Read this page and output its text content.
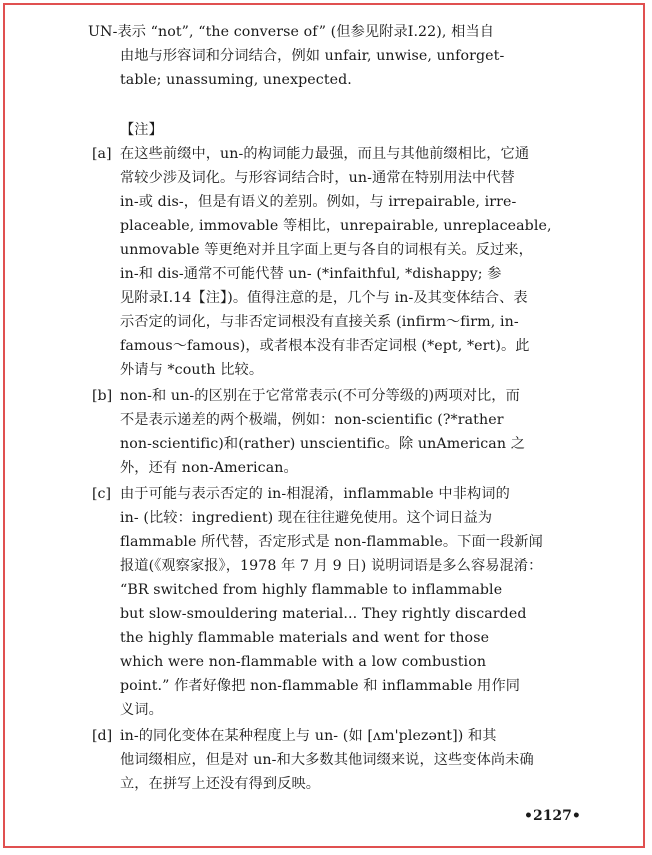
UN-表示 “not”, “the converse of” (但参见附录Ⅰ.22), 相当自
由地与形容词和分词结合，例如 unfair, unwise, unforget-
table; unassuming, unexpected.
【注】
[a] 在这些前缀中，un-的构词能力最强，而且与其他前缀相比，它通
常较少涉及词化。与形容词结合时，un-通常在特别用法中代替
in-或 dis-，但是有语义的差别。例如，与 irrepairable, irre-
placeable, immovable 等相比，unrepairable, unreplaceable,
unmovable 等更绝对并且字面上更与各自的词根有关。反过来，
in-和 dis-通常不可能代替 un- (*infaithful, *dishappy; 参
见附录Ⅰ.14【注】)。值得注意的是，几个与 in-及其变体结合、表
示否定的词化，与非否定词根没有直接关系 (infirm～firm, in-
famous～famous)，或者根本没有非否定词根 (*ept, *ert)。此
外请与 *couth 比较。
[b] non-和 un-的区别在于它常常表示(不可分等级的)两项对比，而
不是表示递差的两个极端，例如：non-scientific (?*rather
non-scientific)和(rather) unscientific。除 unAmerican 之
外，还有 non-American。
[c] 由于可能与表示否定的 in-相混淆，inflammable 中非构词的
in- (比较：ingredient) 现在往往避免使用。这个词日益为
flammable 所代替，否定形式是 non-flammable。下面一段新闻
报道(《观察家报》，1978 年 7 月 9 日) 说明词语是多么容易混淆：
“BR switched from highly flammable to inflammable
but slow-smouldering material... They rightly discarded
the highly flammable materials and went for those
which were non-flammable with a low combustion
point.” 作者好像把 non-flammable 和 inflammable 用作同
义词。
[d] in-的同化变体在某种程度上与 un- (如 [ʌm'plezənt]) 和其
他词缀相应，但是对 un-和大多数其他词缀来说，这些变体尚未确
立，在拼写上还没有得到反映。
•2127•
